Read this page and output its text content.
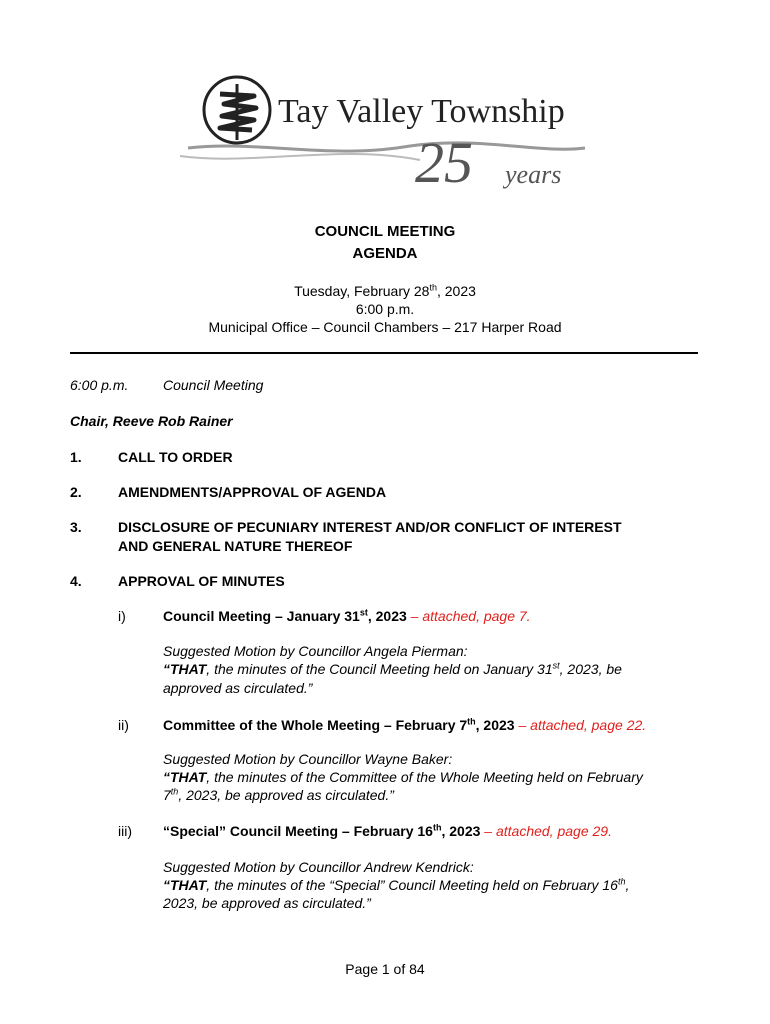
Tay Valley Township
25 years
COUNCIL MEETING
AGENDA
Tuesday, February 28th, 2023
6:00 p.m.
Municipal Office – Council Chambers – 217 Harper Road
6:00 p.m. Council Meeting
Chair, Reeve Rob Rainer
1.	CALL TO ORDER
2.	AMENDMENTS/APPROVAL OF AGENDA
3.	DISCLOSURE OF PECUNIARY INTEREST AND/OR CONFLICT OF INTEREST
AND GENERAL NATURE THEREOF
4.	APPROVAL OF MINUTES
i)	Council Meeting – January 31st, 2023 – attached, page 7.
Suggested Motion by Councillor Angela Pierman:
“THAT, the minutes of the Council Meeting held on January 31st, 2023, be
approved as circulated.”
ii) Committee of the Whole Meeting – February 7th, 2023 – attached, page 22.
Suggested Motion by Councillor Wayne Baker:
“THAT, the minutes of the Committee of the Whole Meeting held on February
7th, 2023, be approved as circulated.”
iii) “Special” Council Meeting – February 16th, 2023 – attached, page 29.
Suggested Motion by Councillor Andrew Kendrick:
“THAT, the minutes of the “Special” Council Meeting held on February 16th,
2023, be approved as circulated.”
Page 1 of 84
